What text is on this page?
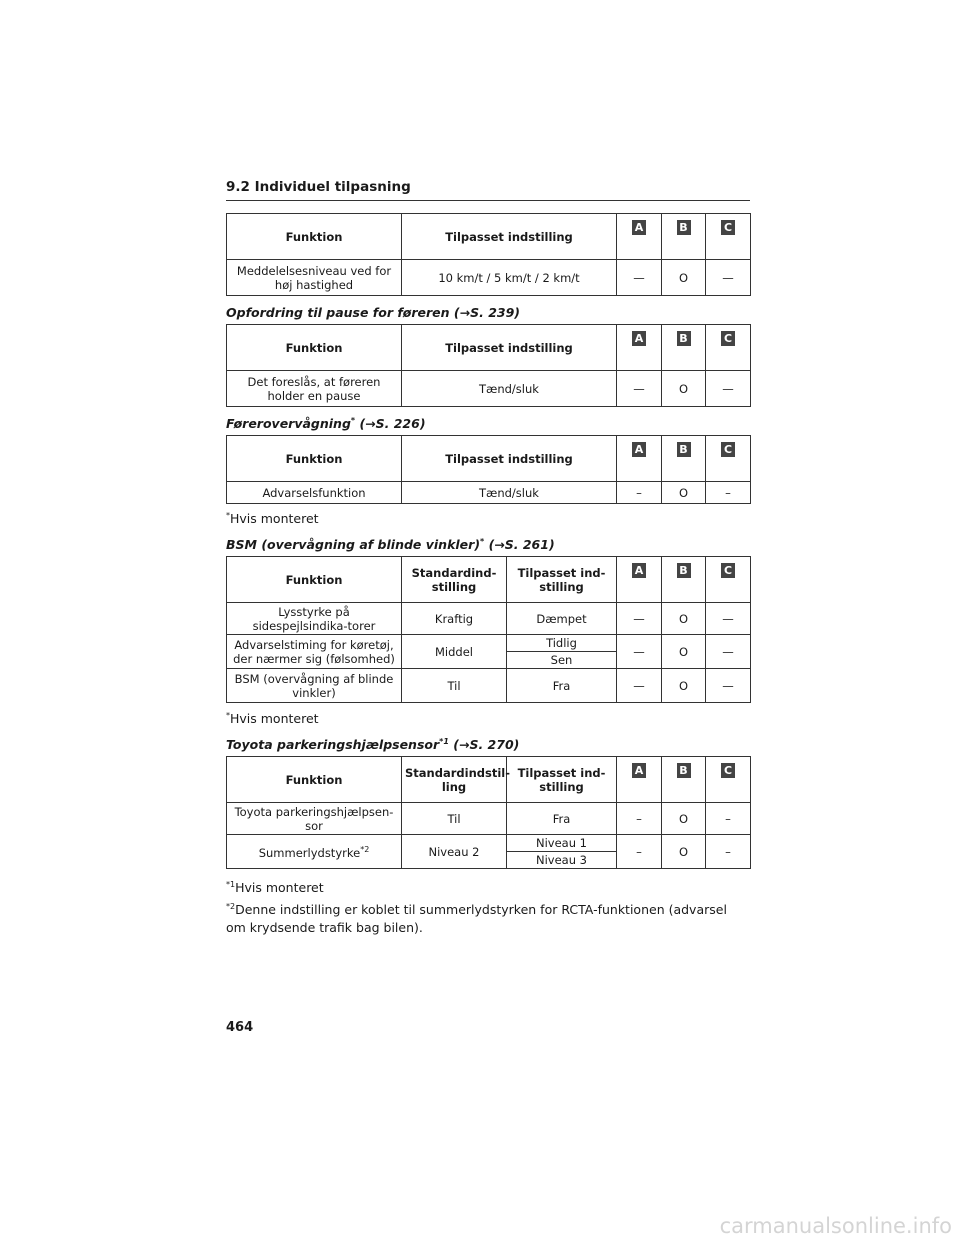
9.2 Individuel tilpasning
Funktion	Tilpasset indstilling	A	B	C
Meddelelsesniveau ved for høj hastighed	10 km/t / 5 km/t / 2 km/t	—	O	—
Opfordring til pause for føreren (→S. 239)
Funktion	Tilpasset indstilling	A	B	C
Det foreslås, at føreren holder en pause	Tænd/sluk	—	O	—
Førerovervågning* (→S. 226)
Funktion	Tilpasset indstilling	A	B	C
Advarselsfunktion	Tænd/sluk	–	O	–
*Hvis monteret
BSM (overvågning af blinde vinkler)* (→S. 261)
Funktion	Standardind-stilling	Tilpasset ind-stilling	A	B	C
Lysstyrke på sidespejlsindika-torer	Kraftig	Dæmpet	—	O	—
Advarselstiming for køretøj, der nærmer sig (følsomhed)	Middel	Tidlig	—	O	—
		Sen			
BSM (overvågning af blinde vinkler)	Til	Fra	—	O	—
*Hvis monteret
Toyota parkeringshjælpsensor$^{*1}$ (→S. 270)
Funktion	Standardindstil-ling	Tilpasset ind-stilling	A	B	C
Toyota parkeringshjælpsen-sor	Til	Fra	–	O	–
Summerlydstyrke$^{*2}$	Niveau 2	Niveau 1	–	O	–
		Niveau 3			
$^{*1}$Hvis monteret
$^{*2}$Denne indstilling er koblet til summerlydstyrken for RCTA-funktionen (advarsel om krydsende trafik bag bilen).
464
carmanualsonline.info
